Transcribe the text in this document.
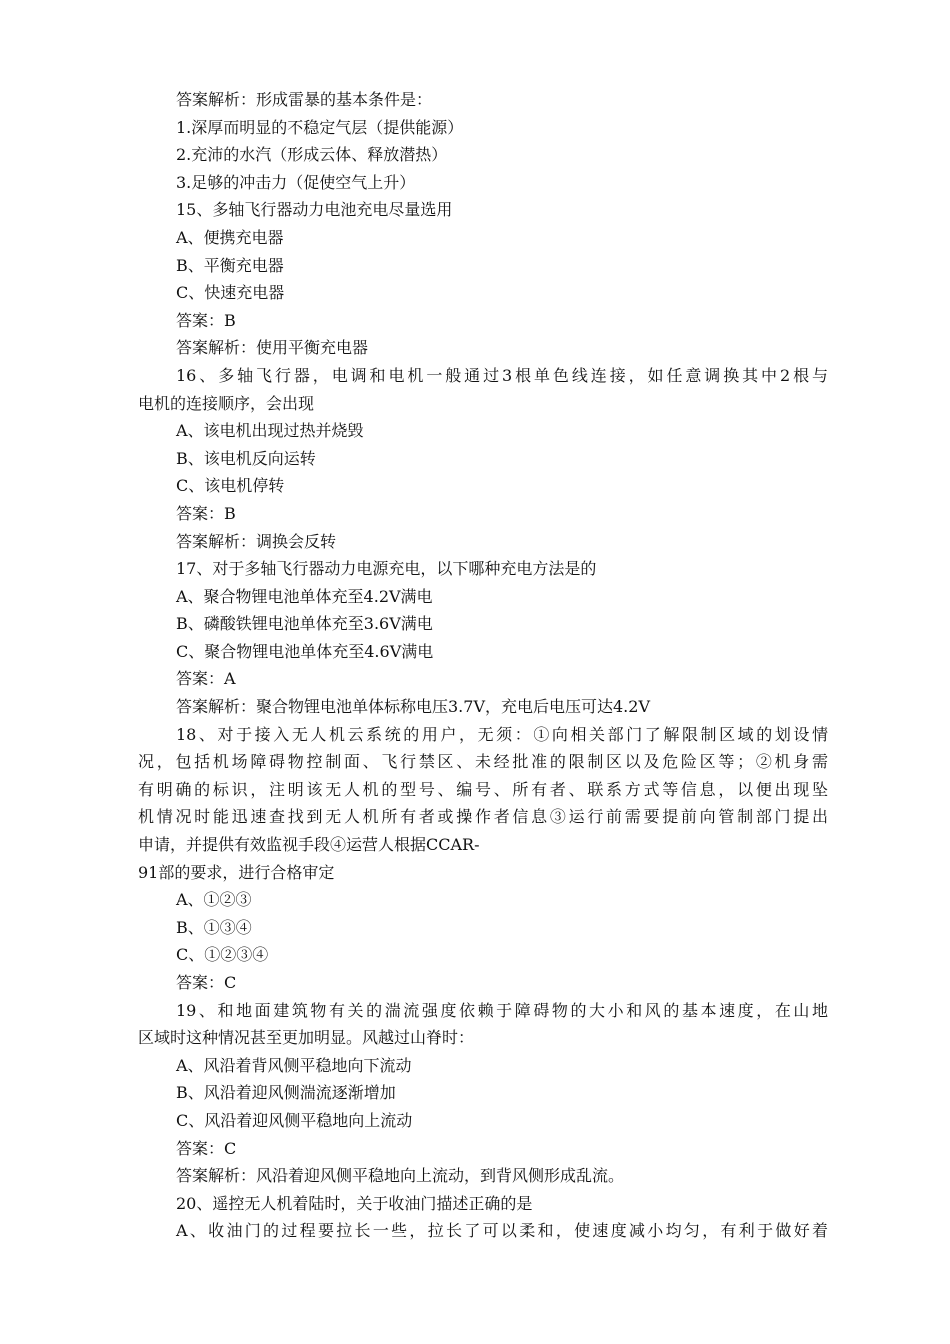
答案解析：形成雷暴的基本条件是：
1.深厚而明显的不稳定气层（提供能源）
2.充沛的水汽（形成云体、释放潜热）
3.足够的冲击力（促使空气上升）
15、多轴飞行器动力电池充电尽量选用
A、便携充电器
B、平衡充电器
C、快速充电器
答案：B
答案解析：使用平衡充电器
16、多轴飞行器，电调和电机一般通过3根单色线连接，如任意调换其中2根与
电机的连接顺序，会出现
A、该电机出现过热并烧毁
B、该电机反向运转
C、该电机停转
答案：B
答案解析：调换会反转
17、对于多轴飞行器动力电源充电，以下哪种充电方法是的
A、聚合物锂电池单体充至4.2V满电
B、磷酸铁锂电池单体充至3.6V满电
C、聚合物锂电池单体充至4.6V满电
答案：A
答案解析：聚合物锂电池单体标称电压3.7V，充电后电压可达4.2V
18、对于接入无人机云系统的用户，无须：①向相关部门了解限制区域的划设情
况，包括机场障碍物控制面、飞行禁区、未经批准的限制区以及危险区等；②机身需
有明确的标识，注明该无人机的型号、编号、所有者、联系方式等信息，以便出现坠
机情况时能迅速查找到无人机所有者或操作者信息③运行前需要提前向管制部门提出
申请，并提供有效监视手段④运营人根据CCAR-
91部的要求，进行合格审定
A、①②③
B、①③④
C、①②③④
答案：C
19、和地面建筑物有关的湍流强度依赖于障碍物的大小和风的基本速度，在山地
区域时这种情况甚至更加明显。风越过山脊时：
A、风沿着背风侧平稳地向下流动
B、风沿着迎风侧湍流逐渐增加
C、风沿着迎风侧平稳地向上流动
答案：C
答案解析：风沿着迎风侧平稳地向上流动，到背风侧形成乱流。
20、遥控无人机着陆时，关于收油门描述正确的是
A、收油门的过程要拉长一些，拉长了可以柔和，使速度减小均匀，有利于做好着
